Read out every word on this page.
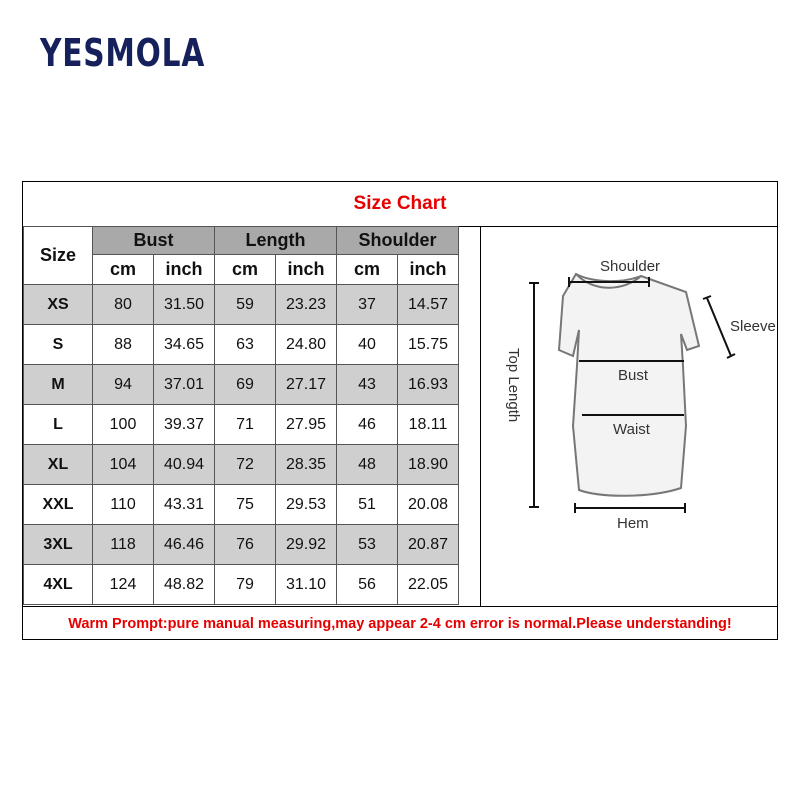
YESMOLA
Size Chart
Size	Bust		Length		Shoulder	
	cm	inch	cm	inch	cm	inch
XS	80	31.50	59	23.23	37	14.57
S	88	34.65	63	24.80	40	15.75
M	94	37.01	69	27.17	43	16.93
L	100	39.37	71	27.95	46	18.11
XL	104	40.94	72	28.35	48	18.90
XXL	110	43.31	75	29.53	51	20.08
3XL	118	46.46	76	29.92	53	20.87
4XL	124	48.82	79	31.10	56	22.05
Shoulder
Sleeve
Bust
Waist
Hem
Top Length
Warm Prompt:pure manual measuring,may appear 2-4 cm error is normal.Please understanding!
